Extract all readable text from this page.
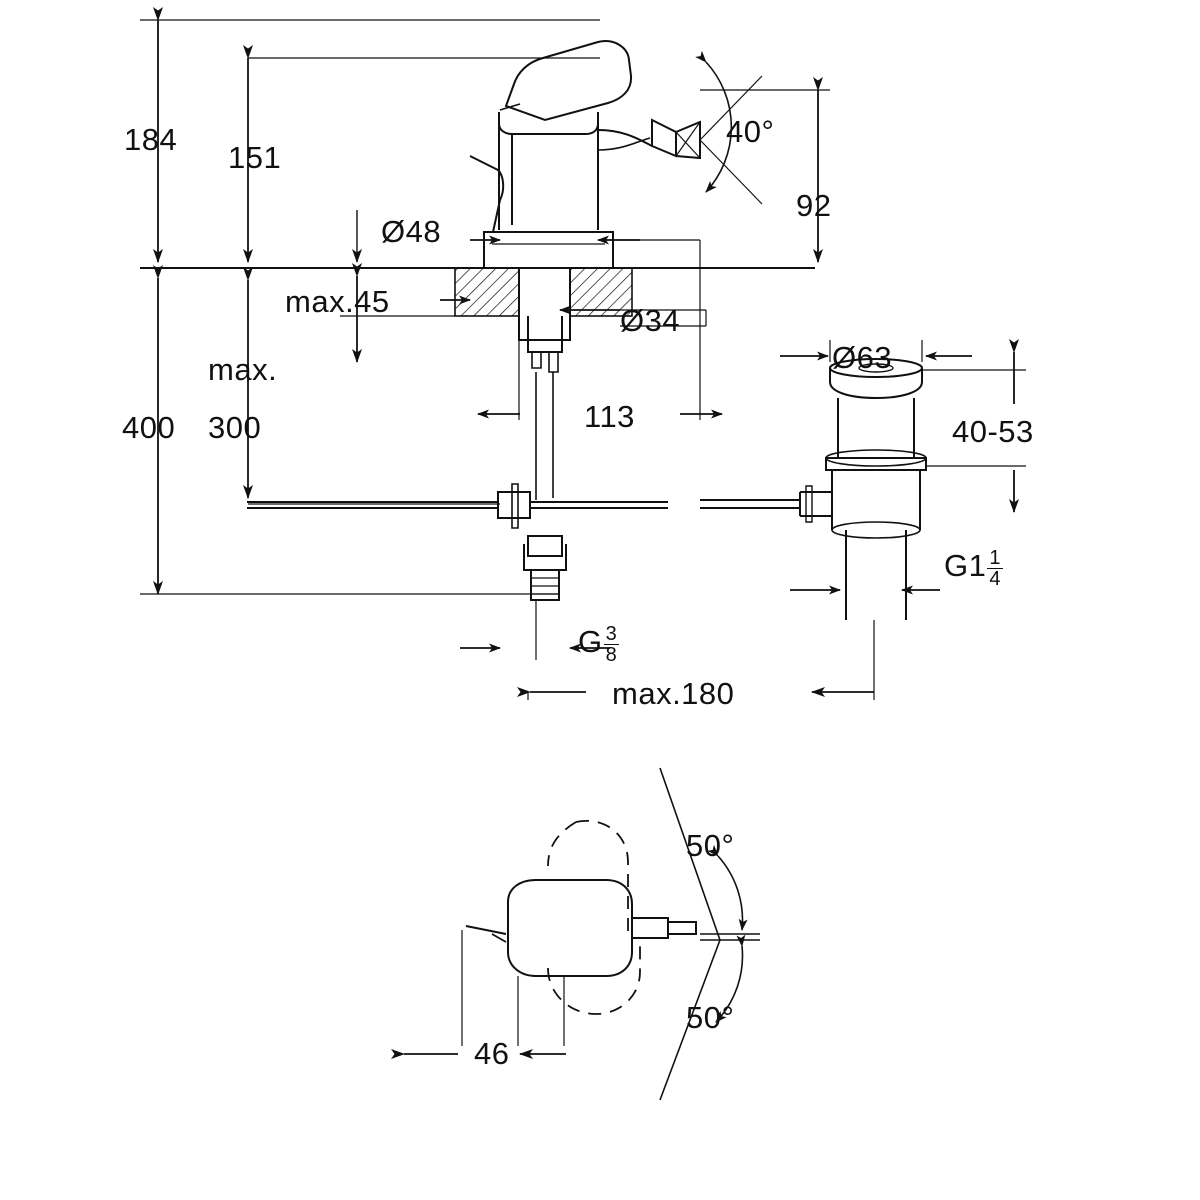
184
151
400
max.
300
Ø48
max.45
Ø34
40°
92
113
G $\frac{3}{8}$
max.180
Ø63
40-53
$G1 \frac{1}{4}$
50°
50°
46
